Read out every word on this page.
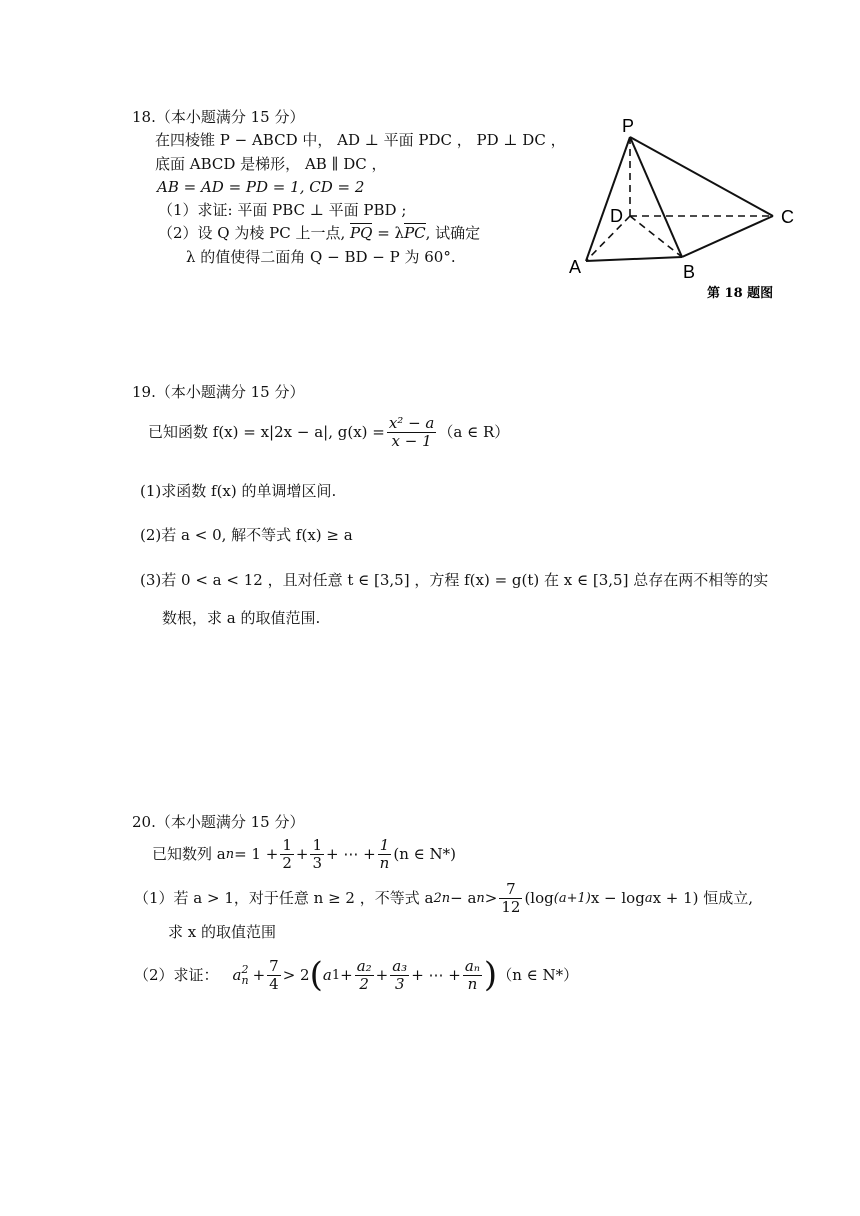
18.（本小题满分 15 分）
在四棱锥 P − ABCD 中， AD ⊥ 平面 PDC ， PD ⊥ DC ，
底面 ABCD 是梯形， AB ∥ DC ，
AB = AD = PD = 1, CD = 2
（1）求证: 平面 PBC ⊥ 平面 PBD ;
（2）设 Q 为棱 PC 上一点, PQ = λPC, 试确定
λ 的值使得二面角 Q − BD − P 为 60°.
P
D	C
A	B
第 18 题图
19.（本小题满分 15 分）
已知函数 f(x) = x|2x − a|, $g(x) = \frac{\text{x² − a}}{x - 1} (a$ ∈ R）
(1)求函数 f(x) 的单调增区间.
(2)若 a < 0, 解不等式 f(x) ≥ a
(3)若 0 < a < 12 ，且对任意 t ∈ [3,5] ，方程 f(x) = g(t) 在 x ∈ [3,5] 总存在两不相等的实
数根，求 a 的取值范围.
20.（本小题满分 15 分）
已知数列 a $n = 1 + \frac{1}{2} + \frac{1}{3}$ + ⋯ + $\frac{1}{n} (n$ ∈ N*)
（1）若 a > 1，对于任意 n ≥ 2 ，不等式 a 2n − a $n > \frac{7}{12} (\log$ (a+1) x − log a x + 1) 恒成立,
求 x 的取值范围
（2）求证： a 2
$n + \frac{7}{4} > 2$ ( a $1 + \frac{\text{a₂}}{2} + \frac{\text{a₃}}{3}$ + ⋯ + $\frac{\text{aₙ}}{n}$ ) （n ∈ N*）
